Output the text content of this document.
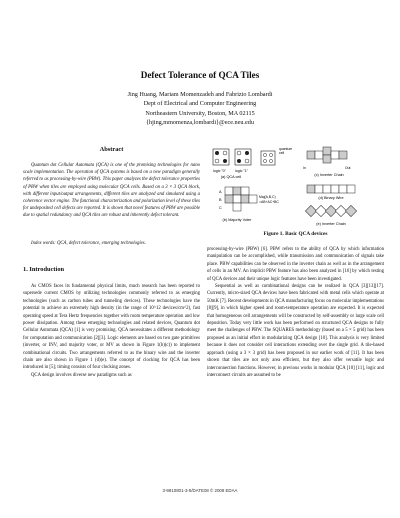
Defect Tolerance of QCA Tiles
Jing Huang, Mariam Momenzadeh and Fabrizio Lombardi
Dept of Electrical and Computer Engineering
Northeastern University, Boston, MA 02115
{hjing,mmomenza,lombardi}@ece.neu.edu
Abstract
Quantum dot Cellular Automata (QCA) is one of the promising technologies for nano scale implementation. The operation of QCA systems is based on a new paradigm generally referred to as processing-by-wire (PBW). This paper analyzes the defect tolerance properties of PBW when tiles are employed using molecular QCA cells. Based on a 3 × 3 QCA block, with different input/output arrangements, different tiles are analyzed and simulated using a coherence vector engine. The functional characterization and polarization level of these tiles for undeposited cell defects are reported. It is shown that novel features of PBW are possible due to spatial redundancy and QCA tiles are robust and inherently defect tolerant.
Index words: QCA, defect tolerance, emerging technologies.
1. Introduction

As CMOS faces its fundamental physical limits, much research has been reported to supersede current CMOS by utilizing technologies commonly referred to as emerging technologies (such as carbon tubes and tunneling devices). These technologies have the potential to achieve an extremely high density (in the range of 10^12 devices/cm^2), fast operating speed at Tera Hertz frequencies together with room temperature operation and low power dissipation. Among these emerging technologies and related devices, Quantum dot Cellular Automata (QCA) [1] is very promising. QCA necessitates a different methodology for computation and communication [2][3]. Logic elements are based on two gate primitives (inverter, or INV, and majority voter, or MV as shown in Figure 1(b)(c)) to implement combinational circuits. Two arrangements referred to as the binary wire and the inverter chain are also shown in Figure 1 (d)(e). The concept of clocking for QCA has been introduced in [5]; timing consists of four clocking zones.

QCA design involves diverse new paradigms such as

logic "0"	logic "1"
quantum
cell
(a) QCA cell
A
B
C
Maj(A,B,C)
=AB+AC+BC
(b) Majority Voter
In	Out
(c) Inverter Chain
(d) Binary Wire
(e) Inverter Chain
Figure 1. Basic QCA devices

processing-by-wire (PBW) [6]. PBW refers to the ability of QCA by which information manipulation can be accomplished, while transmission and communication of signals take place. PBW capabilities can be observed in the inverter chain as well as in the arrangement of cells in an MV. An implicit PBW feature has also been analyzed in [16] by which testing of QCA devices and their unique logic features have been investigated.

Sequential as well as combinational designs can be realized in QCA [3][13][17]. Currently, micro-sized QCA devices have been fabricated with metal cells which operate at 50mK [7]. Recent developments in QCA manufacturing focus on molecular implementations [8][9], in which higher speed and room-temperature operation are expected. It is expected that homogeneous cell arrangements will be constructed by self-assembly or large scale cell deposition. Today very little work has been performed on structured QCA designs to fully meet the challenges of PBW. The SQUARES methodology (based on a 5 × 5 grid) has been proposed as an initial effort in modularizing QCA design [10]. This analysis is very limited because it does not consider cell interactions extending over the single grid. A tile-based approach (using a 3 × 3 grid) has been proposed in our earlier work of [11]. It has been shown that tiles are not only area efficient, but they also offer versatile logic and interconnection functions. However, in previous works in modular QCA [10] [11], logic and interconnect circuits are assumed to be

3-9810801-3-5/DATE08 © 2008 EDAA
